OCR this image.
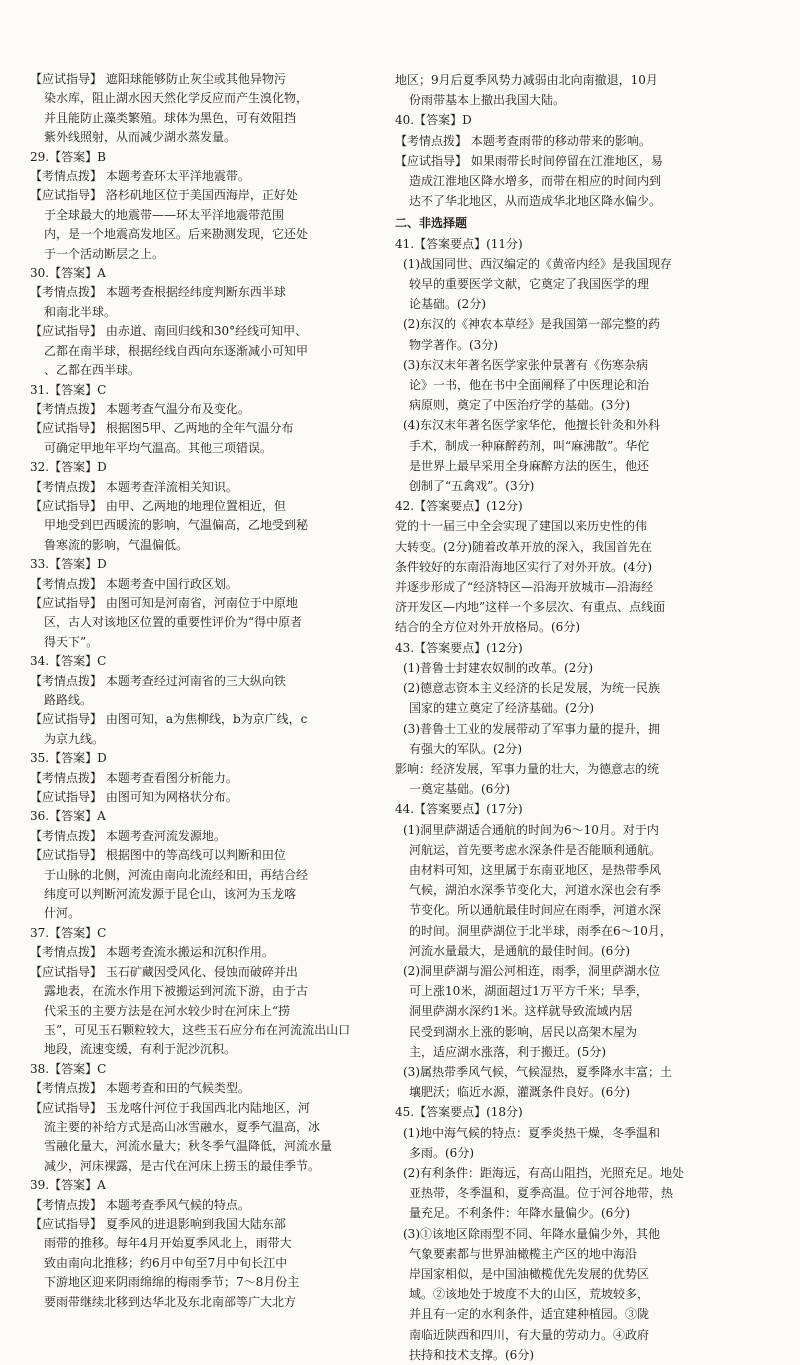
【应试指导】 遮阳球能够防止灰尘或其他异物污
染水库，阻止湖水因天然化学反应而产生溴化物，
并且能防止藻类繁殖。球体为黑色，可有效阻挡
紫外线照射，从而减少湖水蒸发量。
29.【答案】B
【考情点拨】 本题考查环太平洋地震带。
【应试指导】 洛杉矶地区位于美国西海岸，正好处
于全球最大的地震带——环太平洋地震带范围
内，是一个地震高发地区。后来勘测发现，它还处
于一个活动断层之上。
30.【答案】A
【考情点拨】 本题考查根据经纬度判断东西半球
和南北半球。
【应试指导】 由赤道、南回归线和30°经线可知甲、
乙都在南半球，根据经线自西向东逐渐减小可知甲
、乙都在西半球。
31.【答案】C
【考情点拨】 本题考查气温分布及变化。
【应试指导】 根据图5甲、乙两地的全年气温分布
可确定甲地年平均气温高。其他三项错误。
32.【答案】D
【考情点拨】 本题考查洋流相关知识。
【应试指导】 由甲、乙两地的地理位置相近，但
甲地受到巴西暖流的影响，气温偏高，乙地受到秘
鲁寒流的影响，气温偏低。
33.【答案】D
【考情点拨】 本题考查中国行政区划。
【应试指导】 由图可知是河南省，河南位于中原地
区，古人对该地区位置的重要性评价为“得中原者
得天下”。
34.【答案】C
【考情点拨】 本题考查经过河南省的三大纵向铁
路路线。
【应试指导】 由图可知，a为焦柳线，b为京广线，c
为京九线。
35.【答案】D
【考情点拨】 本题考查看图分析能力。
【应试指导】 由图可知为网格状分布。
36.【答案】A
【考情点拨】 本题考查河流发源地。
【应试指导】 根据图中的等高线可以判断和田位
于山脉的北侧，河流由南向北流经和田，再结合经
纬度可以判断河流发源于昆仑山，该河为玉龙喀
什河。
37.【答案】C
【考情点拨】 本题考查流水搬运和沉积作用。
【应试指导】 玉石矿藏因受风化、侵蚀而破碎并出
露地表，在流水作用下被搬运到河流下游，由于古
代采玉的主要方法是在河水较少时在河床上“捞
玉”，可见玉石颗粒较大，这些玉石应分布在河流流出山口
地段，流速变缓，有利于泥沙沉积。
38.【答案】C
【考情点拨】 本题考查和田的气候类型。
【应试指导】 玉龙喀什河位于我国西北内陆地区，河
流主要的补给方式是高山冰雪融水，夏季气温高，冰
雪融化量大，河流水量大；秋冬季气温降低，河流水量
减少，河床裸露，是古代在河床上捞玉的最佳季节。
39.【答案】A
【考情点拨】 本题考查季风气候的特点。
【应试指导】 夏季风的进退影响到我国大陆东部
雨带的推移。每年4月开始夏季风北上，雨带大
致由南向北推移；约6月中旬至7月中旬长江中
下游地区迎来阴雨绵绵的梅雨季节；7～8月份主
要雨带继续北移到达华北及东北南部等广大北方
地区；9月后夏季风势力减弱由北向南撤退，10月
份雨带基本上撤出我国大陆。
40.【答案】D
【考情点拨】 本题考查雨带的移动带来的影响。
【应试指导】 如果雨带长时间停留在江淮地区，易
造成江淮地区降水增多，而带在相应的时间内到
达不了华北地区，从而造成华北地区降水偏少。
二、非选择题
41.【答案要点】(11分)
(1)战国同世、西汉编定的《黄帝内经》是我国现存
较早的重要医学文献，它奠定了我国医学的理
论基础。(2分)
(2)东汉的《神农本草经》是我国第一部完整的药
物学著作。(3分)
(3)东汉末年著名医学家张仲景著有《伤寒杂病
论》一书，他在书中全面阐释了中医理论和治
病原则，奠定了中医治疗学的基础。(3分)
(4)东汉末年著名医学家华佗，他擅长针灸和外科
手术，制成一种麻醉药剂，叫“麻沸散”。华佗
是世界上最早采用全身麻醉方法的医生，他还
创制了“五禽戏”。(3分)
42.【答案要点】(12分)
党的十一届三中全会实现了建国以来历史性的伟
大转变。(2分)随着改革开放的深入，我国首先在
条件较好的东南沿海地区实行了对外开放。(4分)
并逐步形成了“经济特区—沿海开放城市—沿海经
济开发区—内地”这样一个多层次、有重点、点线面
结合的全方位对外开放格局。(6分)
43.【答案要点】(12分)
(1)普鲁士封建农奴制的改革。(2分)
(2)德意志资本主义经济的长足发展，为统一民族
国家的建立奠定了经济基础。(2分)
(3)普鲁士工业的发展带动了军事力量的提升，拥
有强大的军队。(2分)
影响：经济发展，军事力量的壮大，为德意志的统
一奠定基础。(6分)
44.【答案要点】(17分)
(1)洞里萨湖适合通航的时间为6～10月。对于内
河航运，首先要考虑水深条件是否能顺利通航。
由材料可知，这里属于东南亚地区，是热带季风
气候，湖泊水深季节变化大，河道水深也会有季
节变化。所以通航最佳时间应在雨季，河道水深
的时间。洞里萨湖位于北半球，雨季在6～10月，
河流水量最大，是通航的最佳时间。(6分)
(2)洞里萨湖与湄公河相连，雨季，洞里萨湖水位
可上涨10米，湖面超过1万平方千米；旱季，
洞里萨湖水深约1米。这样就导致流域内居
民受到湖水上涨的影响，居民以高架木屋为
主，适应湖水涨落，利于搬迁。(5分)
(3)属热带季风气候，气候湿热，夏季降水丰富；土
壤肥沃；临近水源，灌溉条件良好。(6分)
45.【答案要点】(18分)
(1)地中海气候的特点：夏季炎热干燥，冬季温和
多雨。(6分)
(2)有利条件：距海远，有高山阻挡，光照充足。地处
亚热带，冬季温和，夏季高温。位于河谷地带，热
量充足。不利条件：年降水量偏少。(6分)
(3)①该地区除雨型不同、年降水量偏少外，其他
气象要素都与世界油橄榄主产区的地中海沿
岸国家相似，是中国油橄榄优先发展的优势区
域。②该地处于坡度不大的山区，荒坡较多，
并且有一定的水利条件，适宜建种植园。③陇
南临近陕西和四川，有大量的劳动力。④政府
扶持和技术支撑。(6分)
